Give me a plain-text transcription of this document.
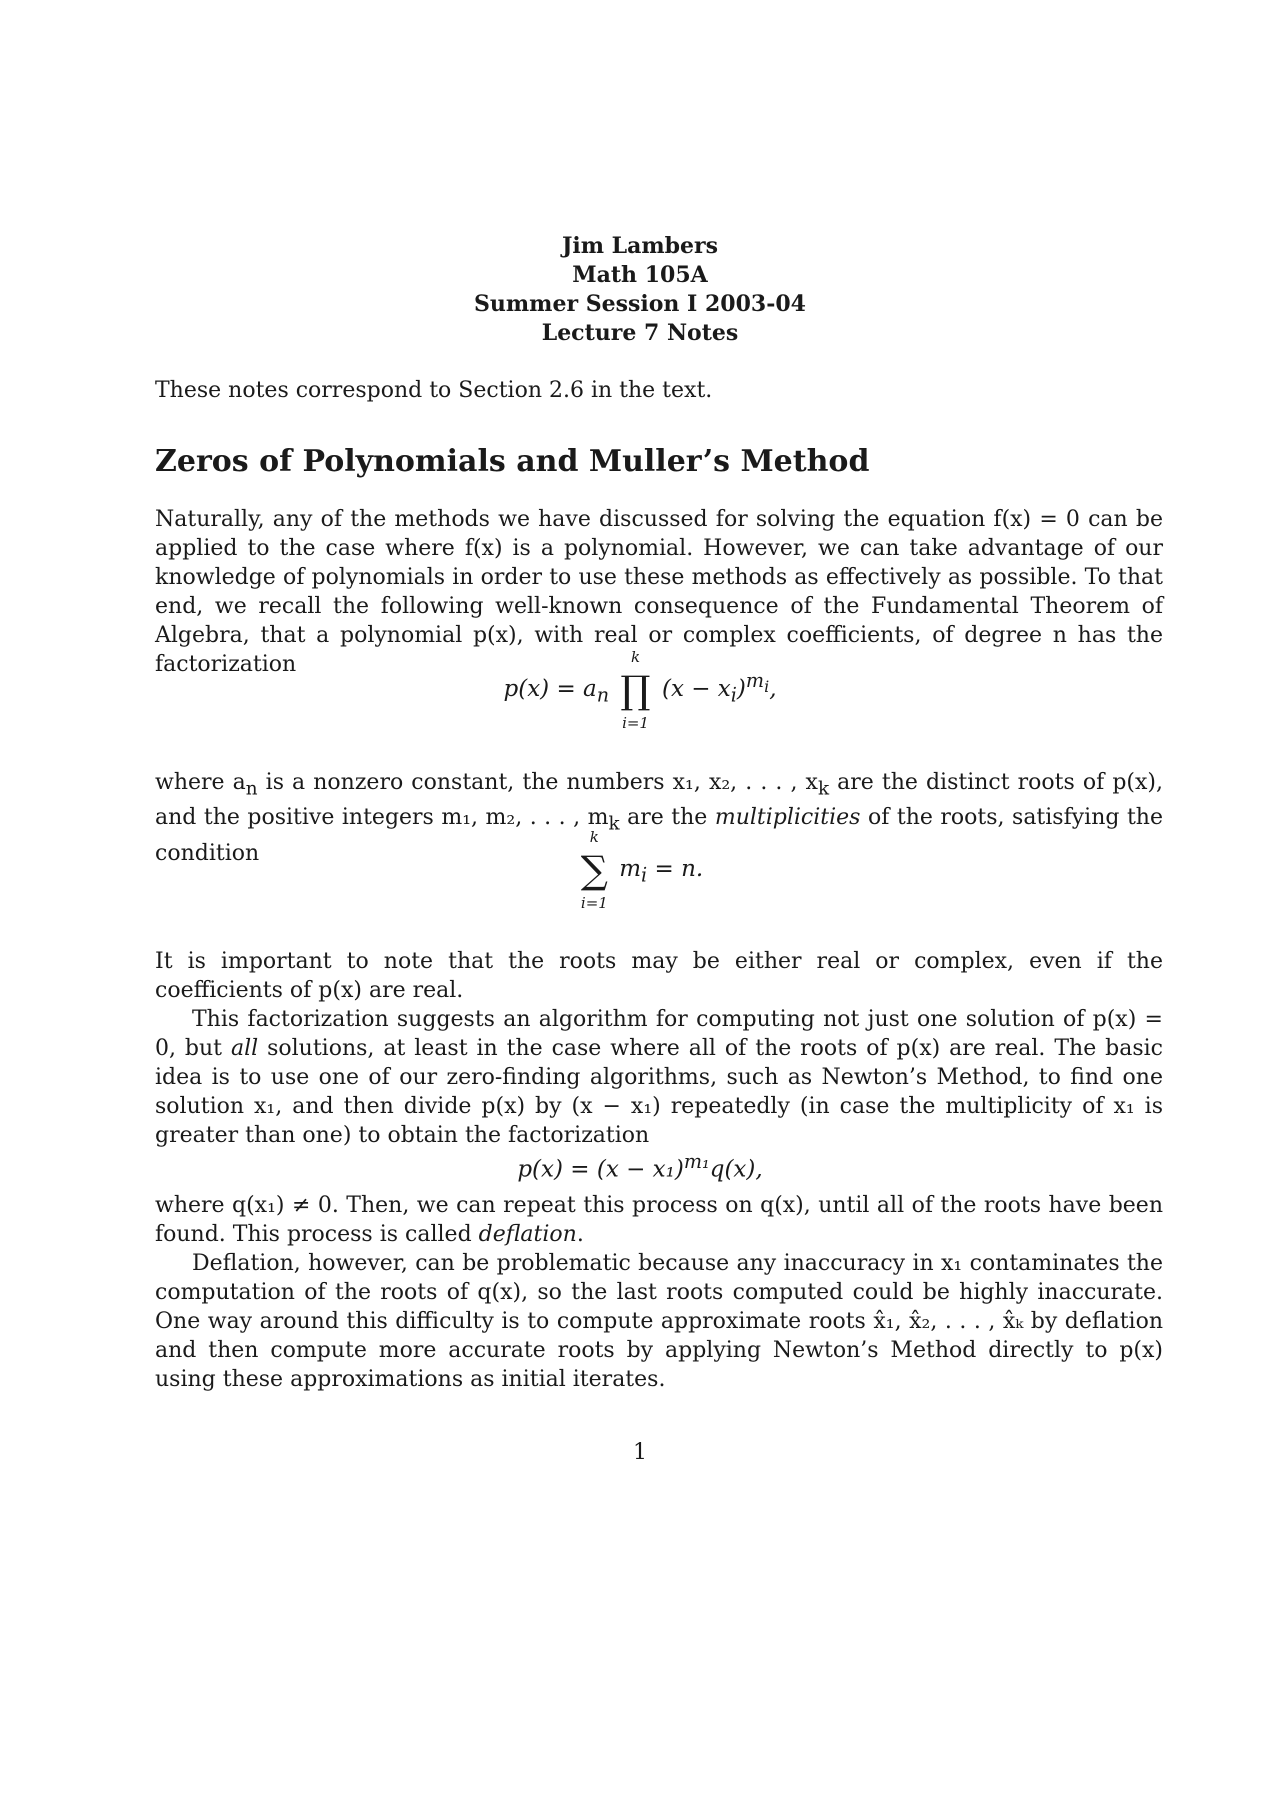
Jim Lambers
Math 105A
Summer Session I 2003-04
Lecture 7 Notes
These notes correspond to Section 2.6 in the text.
Zeros of Polynomials and Muller’s Method

Naturally, any of the methods we have discussed for solving the equation f(x) = 0 can be applied to the case where f(x) is a polynomial. However, we can take advantage of our knowledge of polynomials in order to use these methods as effectively as possible. To that end, we recall the following well-known consequence of the Fundamental Theorem of Algebra, that a polynomial p(x), with real or complex coefficients, of degree n has the factorization

$p(x) = a_n$
k
∏
i=1
$(x - x_i)^{m_i}$,

where $a_n$ is a nonzero constant, the numbers x₁, x₂, . . . , $x_k$ are the distinct roots of p(x), and the positive integers m₁, m₂, . . . , $m_k$ are the multiplicities of the roots, satisfying the condition

k
∑
i=1
$m_i = n$.

It is important to note that the roots may be either real or complex, even if the coefficients of p(x) are real.

This factorization suggests an algorithm for computing not just one solution of p(x) = 0, but all solutions, at least in the case where all of the roots of p(x) are real. The basic idea is to use one of our zero-finding algorithms, such as Newton’s Method, to find one solution x₁, and then divide p(x) by (x − x₁) repeatedly (in case the multiplicity of x₁ is greater than one) to obtain the factorization

$p(x) = (x - x_1)^{m_1}q(x)$,

where q(x₁) ≠ 0. Then, we can repeat this process on q(x), until all of the roots have been found. This process is called deflation.

Deflation, however, can be problematic because any inaccuracy in x₁ contaminates the computation of the roots of q(x), so the last roots computed could be highly inaccurate. One way around this difficulty is to compute approximate roots x̂₁, x̂₂, . . . , x̂ₖ by deflation and then compute more accurate roots by applying Newton’s Method directly to p(x) using these approximations as initial iterates.

1
